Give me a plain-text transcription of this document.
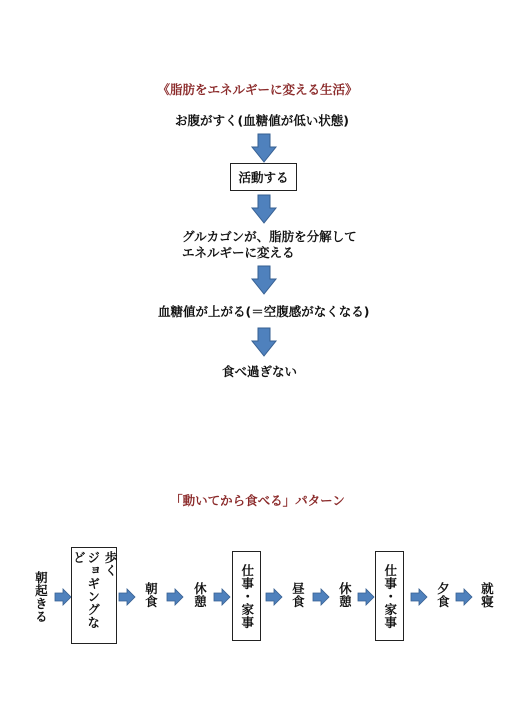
《脂肪をエネルギーに変える生活》
お腹がすく(血糖値が低い状態)
活動する
グルカゴンが、脂肪を分解して
エネルギーに変える
血糖値が上がる(＝空腹感がなくなる)
食べ過ぎない
「動いてから食べる」パターン
朝起きる
歩く
ジョギングなど
朝食	休憩
仕事
・
家事
昼食	休憩
仕事
・
家事
夕食 就寝
